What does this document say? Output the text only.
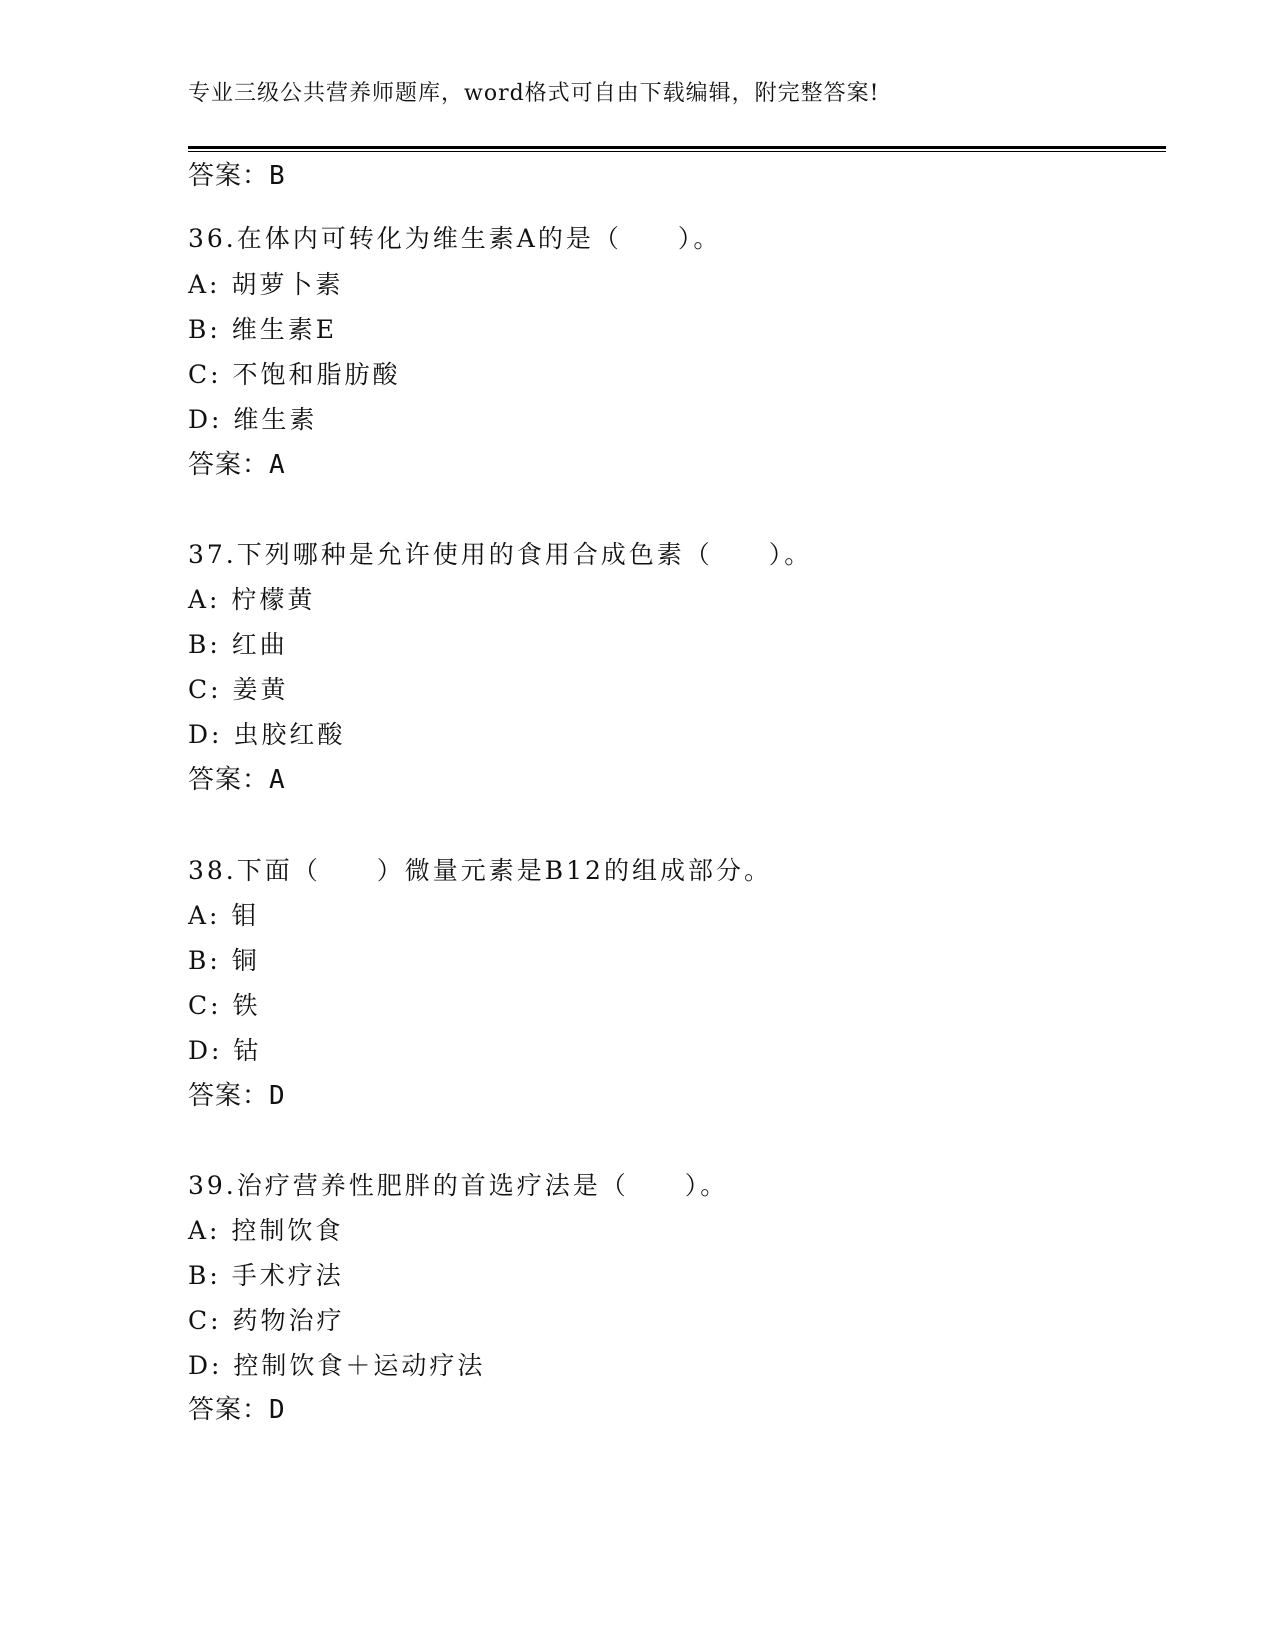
专业三级公共营养师题库，word格式可自由下载编辑，附完整答案!
答案：B
36.在体内可转化为维生素A的是（　　）。
A: 胡萝卜素
B: 维生素E
C: 不饱和脂肪酸
D: 维生素
答案：A
37.下列哪种是允许使用的食用合成色素（　　）。
A: 柠檬黄
B: 红曲
C: 姜黄
D: 虫胶红酸
答案：A
38.下面（　　）微量元素是B12的组成部分。
A: 钼
B: 铜
C: 铁
D: 钴
答案：D
39.治疗营养性肥胖的首选疗法是（　　）。
A: 控制饮食
B: 手术疗法
C: 药物治疗
D: 控制饮食＋运动疗法
答案：D
